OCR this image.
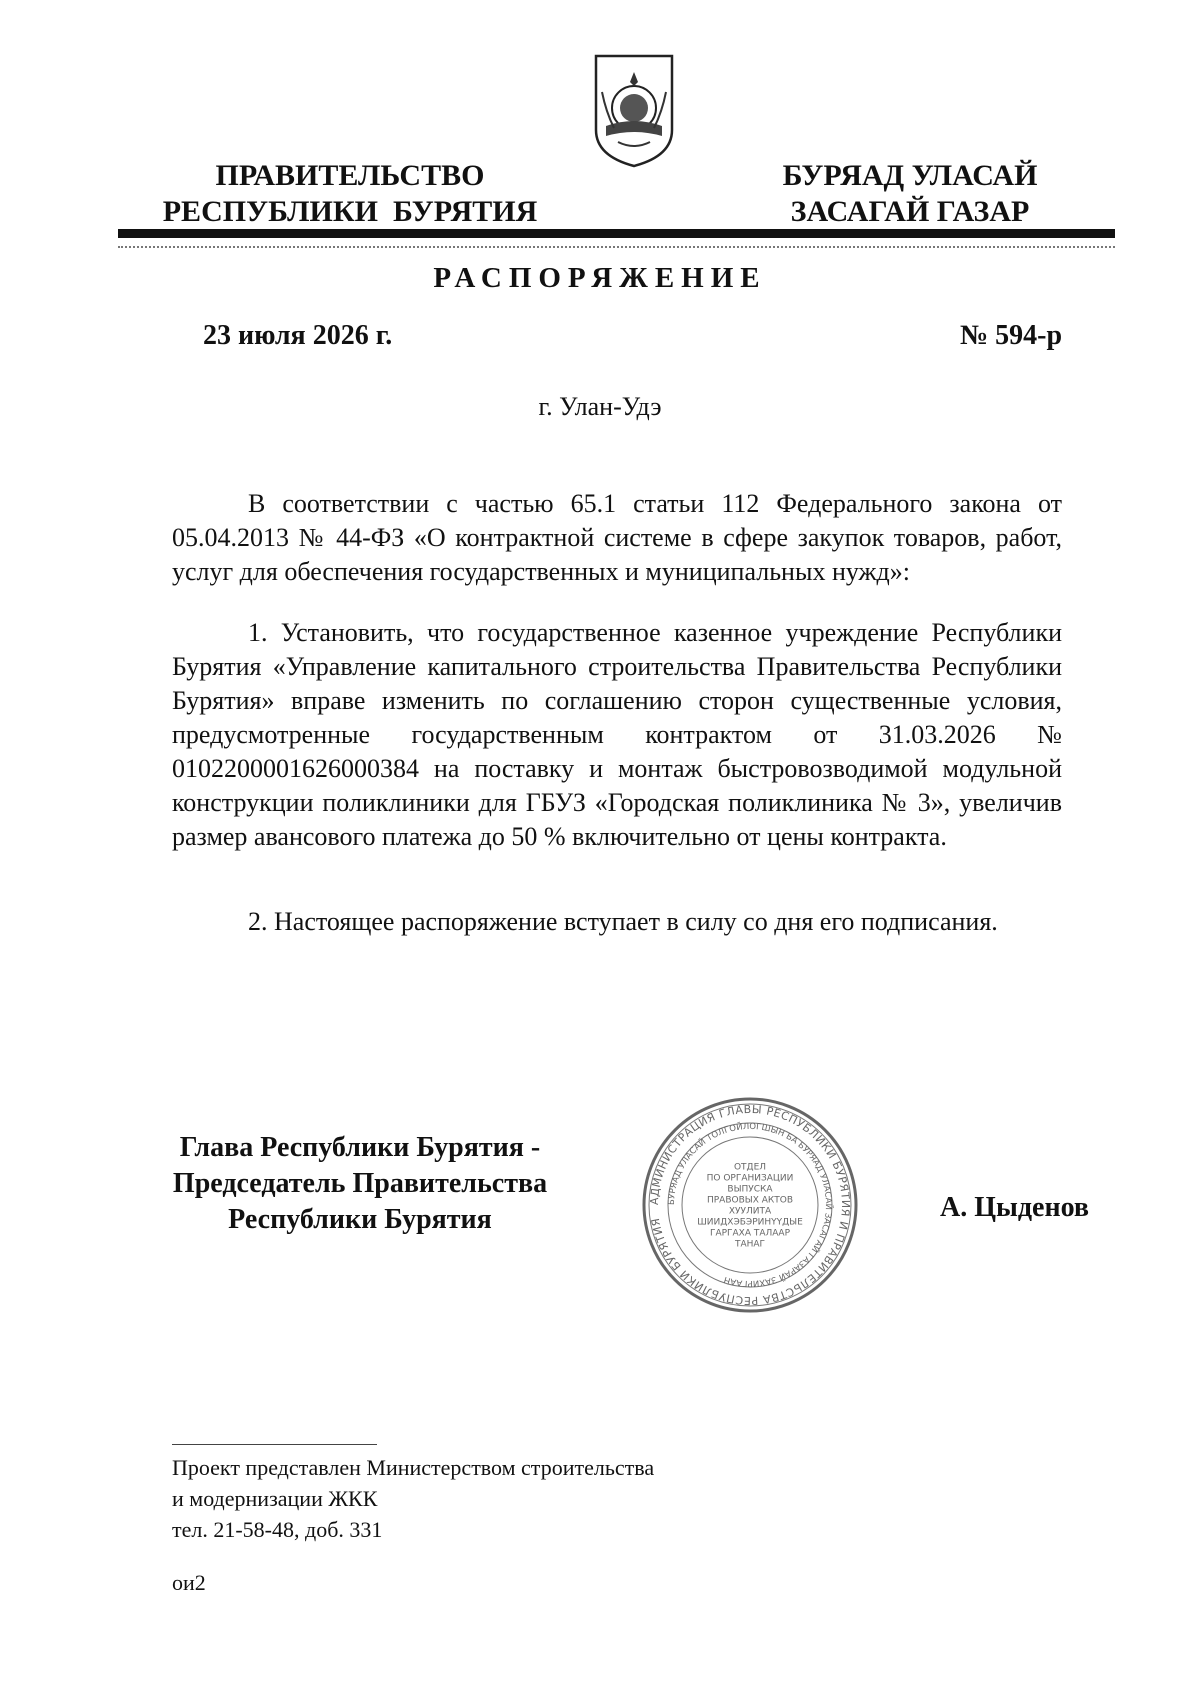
ПРАВИТЕЛЬСТВО
РЕСПУБЛИКИ  БУРЯТИЯ
БУРЯАД УЛАСАЙ
ЗАСАГАЙ ГАЗАР
РАСПОРЯЖЕНИЕ
23 июля 2026 г.	№ 594-р
г. Улан-Удэ

В соответствии с частью 65.1 статьи 112 Федерального закона от 05.04.2013 № 44-ФЗ «О контрактной системе в сфере закупок товаров, работ, услуг для обеспечения государственных и муниципальных нужд»:

1. Установить, что государственное казенное учреждение Республики Бурятия «Управление капитального строительства Правительства Республики Бурятия» вправе изменить по соглашению сторон существенные условия, предусмотренные государственным контрактом от 31.03.2026 № 0102200001626000384 на поставку и монтаж быстровозводимой модульной конструкции поликлиники для ГБУЗ «Городская поликлиника № 3», увеличив размер авансового платежа до 50 % включительно от цены контракта.

2. Настоящее распоряжение вступает в силу со дня его подписания.

Глава Республики Бурятия -
Председатель Правительства
Республики Бурятия
АДМИНИСТРАЦИЯ ГЛАВЫ РЕСПУБЛИКИ БУРЯТИЯ И ПРАВИТЕЛЬСТВА РЕСПУБЛИКИ БУРЯТИЯ
БУРЯАД УЛАСАЙ ТОЛГОЙЛОГШЫН БА БУРЯАД УЛАСАЙ ЗАСАГАЙ ГАЗАРАЙ ЗАХИРГААН
ОТДЕЛ
ПО ОРГАНИЗАЦИИ
ВЫПУСКА
ПРАВОВЫХ АКТОВ
ХУУЛИТА
ШИИДХЭБЭРИНҮҮДЫЕ
ГАРГАХА ТАЛААР
ТАНАГ
А. Цыденов
Проект представлен Министерством строительства
и модернизации ЖКК
тел. 21-58-48, доб. 331
ои2
